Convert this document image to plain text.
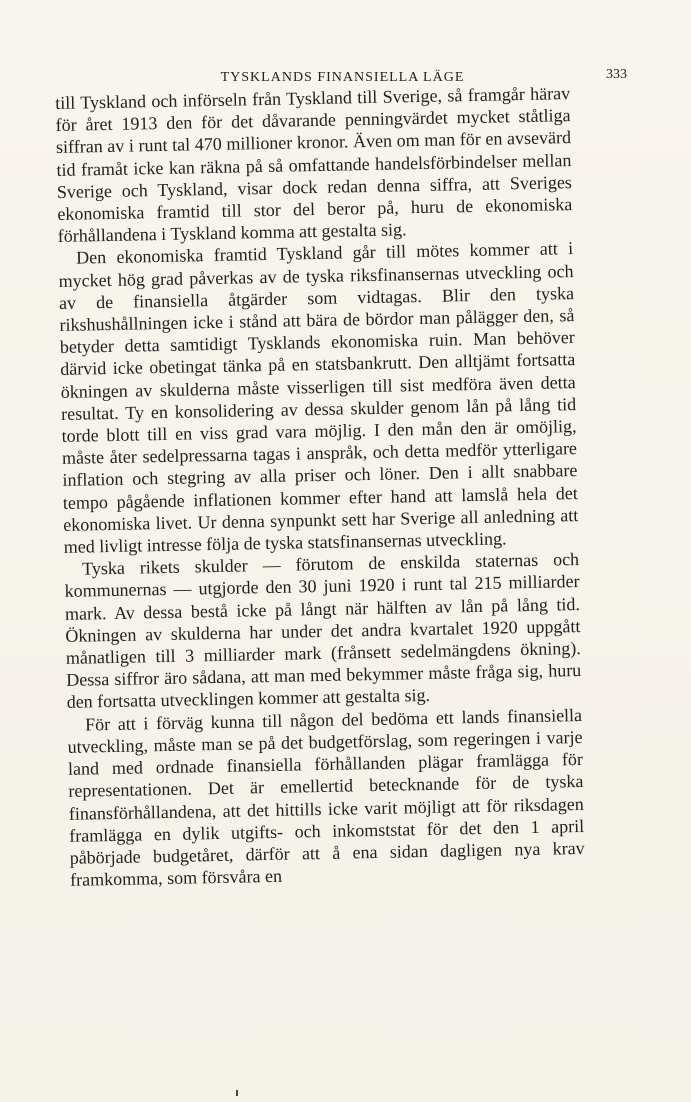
TYSKLANDS FINANSIELLA LÄGE	333

till Tyskland och införseln från Tyskland till Sverige, så framgår härav för året 1913 den för det dåvarande penningvärdet mycket ståtliga siffran av i runt tal 470 millioner kronor. Även om man för en avsevärd tid framåt icke kan räkna på så omfattande handelsförbindelser mellan Sverige och Tyskland, visar dock redan denna siffra, att Sveriges ekonomiska framtid till stor del beror på, huru de ekonomiska förhållandena i Tyskland komma att gestalta sig.

Den ekonomiska framtid Tyskland går till mötes kommer att i mycket hög grad påverkas av de tyska riksfinansernas utveckling och av de finansiella åtgärder som vidtagas. Blir den tyska rikshushållningen icke i stånd att bära de bördor man pålägger den, så betyder detta samtidigt Tysklands ekonomiska ruin. Man behöver därvid icke obetingat tänka på en statsbankrutt. Den alltjämt fortsatta ökningen av skulderna måste visserligen till sist medföra även detta resultat. Ty en konsolidering av dessa skulder genom lån på lång tid torde blott till en viss grad vara möjlig. I den mån den är omöjlig, måste åter sedelpressarna tagas i anspråk, och detta medför ytterligare inflation och stegring av alla priser och löner. Den i allt snabbare tempo pågående inflationen kommer efter hand att lamslå hela det ekonomiska livet. Ur denna synpunkt sett har Sverige all anledning att med livligt intresse följa de tyska statsfinansernas utveckling.

Tyska rikets skulder — förutom de enskilda staternas och kommunernas — utgjorde den 30 juni 1920 i runt tal 215 milliarder mark. Av dessa bestå icke på långt när hälften av lån på lång tid. Ökningen av skulderna har under det andra kvartalet 1920 uppgått månatligen till 3 milliarder mark (frånsett sedelmängdens ökning). Dessa siffror äro sådana, att man med bekymmer måste fråga sig, huru den fortsatta utvecklingen kommer att gestalta sig.

För att i förväg kunna till någon del bedöma ett lands finansiella utveckling, måste man se på det budgetförslag, som regeringen i varje land med ordnade finansiella förhållanden plägar framlägga för representationen. Det är emellertid betecknande för de tyska finansförhållandena, att det hittills icke varit möjligt att för riksdagen framlägga en dylik utgifts- och inkomststat för det den 1 april påbörjade budgetåret, därför att å ena sidan dagligen nya krav framkomma, som försvåra en
